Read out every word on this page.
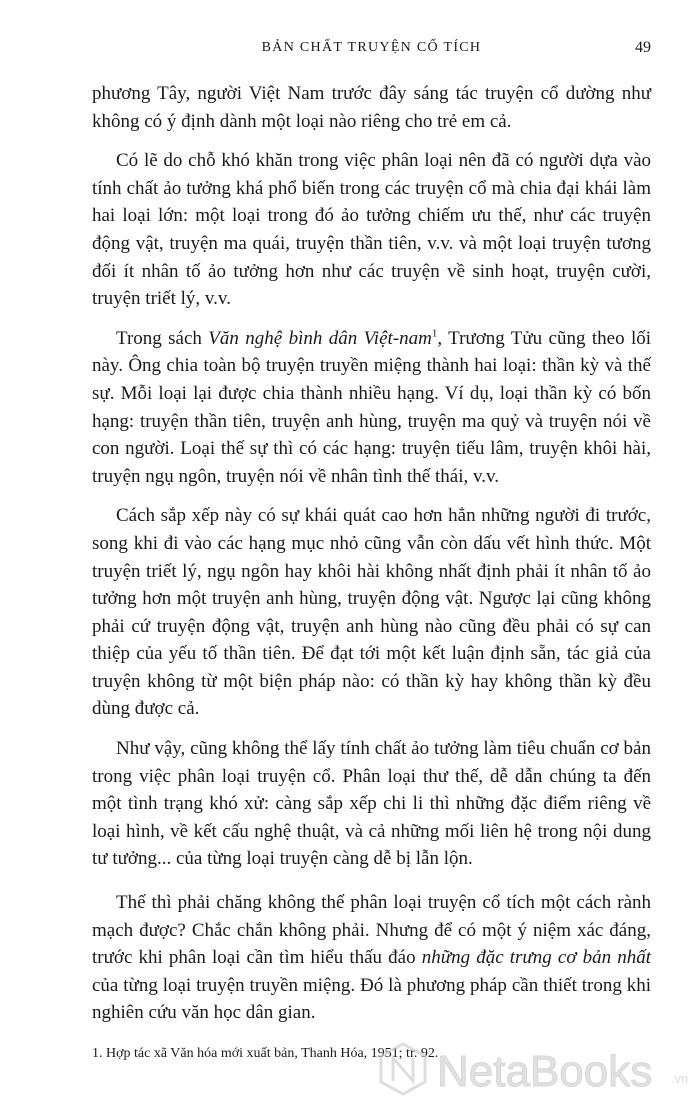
BẢN CHẤT TRUYỆN CỔ TÍCH	49

phương Tây, người Việt Nam trước đây sáng tác truyện cổ dường như không có ý định dành một loại nào riêng cho trẻ em cả.

Có lẽ do chỗ khó khăn trong việc phân loại nên đã có người dựa vào tính chất ảo tưởng khá phổ biến trong các truyện cổ mà chia đại khái làm hai loại lớn: một loại trong đó ảo tưởng chiếm ưu thế, như các truyện động vật, truyện ma quái, truyện thần tiên, v.v. và một loại truyện tương đối ít nhân tố ảo tưởng hơn như các truyện về sinh hoạt, truyện cười, truyện triết lý, v.v.

Trong sách Văn nghệ bình dân Việt-nam$^1$, Trương Tửu cũng theo lối này. Ông chia toàn bộ truyện truyền miệng thành hai loại: thần kỳ và thế sự. Mỗi loại lại được chia thành nhiều hạng. Ví dụ, loại thần kỳ có bốn hạng: truyện thần tiên, truyện anh hùng, truyện ma quỷ và truyện nói về con người. Loại thế sự thì có các hạng: truyện tiếu lâm, truyện khôi hài, truyện ngụ ngôn, truyện nói về nhân tình thế thái, v.v.

Cách sắp xếp này có sự khái quát cao hơn hẳn những người đi trước, song khi đi vào các hạng mục nhỏ cũng vẫn còn dấu vết hình thức. Một truyện triết lý, ngụ ngôn hay khôi hài không nhất định phải ít nhân tố ảo tưởng hơn một truyện anh hùng, truyện động vật. Ngược lại cũng không phải cứ truyện động vật, truyện anh hùng nào cũng đều phải có sự can thiệp của yếu tố thần tiên. Để đạt tới một kết luận định sẵn, tác giả của truyện không từ một biện pháp nào: có thần kỳ hay không thần kỳ đều dùng được cả.

Như vậy, cũng không thể lấy tính chất ảo tưởng làm tiêu chuẩn cơ bản trong việc phân loại truyện cổ. Phân loại thư thế, dễ dẫn chúng ta đến một tình trạng khó xử: càng sắp xếp chi li thì những đặc điểm riêng về loại hình, về kết cấu nghệ thuật, và cả những mối liên hệ trong nội dung tư tưởng... của từng loại truyện càng dễ bị lẫn lộn.

Thế thì phải chăng không thể phân loại truyện cổ tích một cách rành mạch được? Chắc chắn không phải. Nhưng để có một ý niệm xác đáng, trước khi phân loại cần tìm hiểu thấu đáo những đặc trưng cơ bản nhất của từng loại truyện truyền miệng. Đó là phương pháp cần thiết trong khi nghiên cứu văn học dân gian.

1. Hợp tác xã Văn hóa mới xuất bản, Thanh Hóa, 1951; tr. 92.
NetaBooks .vn
